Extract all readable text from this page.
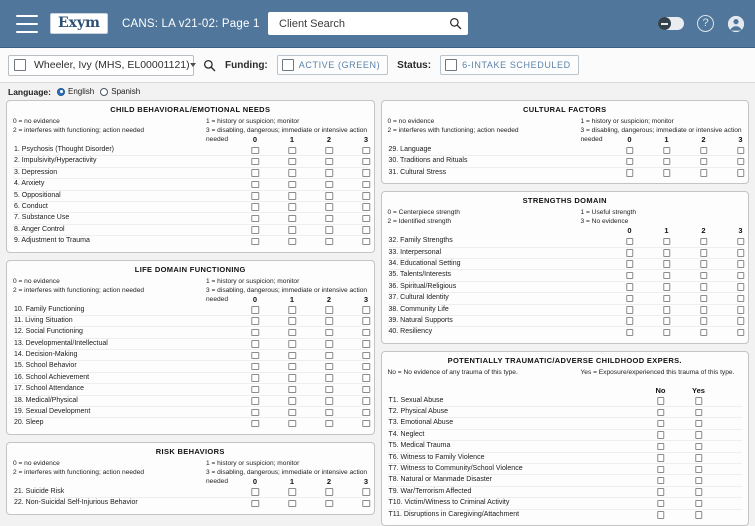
Exym CANS: LA v21-02: Page 1
Client Search	?
Wheeler, Ivy (MHS, EL00001121)	Funding:	ACTIVE (GREEN) Status:	6-INTAKE SCHEDULED
Language: English Spanish
CHILD BEHAVIORAL/EMOTIONAL NEEDS
0 = no evidence
2 = interferes with functioning; action needed
1 = history or suspicion; monitor
3 = disabling, dangerous; immediate or intensive action needed	0	1	2	3
1. Psychosis (Thought Disorder)
2. Impulsivity/Hyperactivity
3. Depression
4. Anxiety
5. Oppositional
6. Conduct
7. Substance Use
8. Anger Control
9. Adjustment to Trauma
LIFE DOMAIN FUNCTIONING
0 = no evidence
2 = interferes with functioning; action needed
1 = history or suspicion; monitor
3 = disabling, dangerous; immediate or intensive action needed	0	1	2	3
10. Family Functioning
11. Living Situation
12. Social Functioning
13. Developmental/Intellectual
14. Decision-Making
15. School Behavior
16. School Achievement
17. School Attendance
18. Medical/Physical
19. Sexual Development
20. Sleep
RISK BEHAVIORS
0 = no evidence
2 = interferes with functioning; action needed
1 = history or suspicion; monitor
3 = disabling, dangerous; immediate or intensive action needed	0	1	2	3
21. Suicide Risk
22. Non-Suicidal Self-Injurious Behavior
CULTURAL FACTORS
0 = no evidence
2 = interferes with functioning; action needed
1 = history or suspicion; monitor
3 = disabling, dangerous; immediate or intensive action needed	0	1	2	3
29. Language
30. Traditions and Rituals
31. Cultural Stress
STRENGTHS DOMAIN
0 = Centerpiece strength
2 = Identified strength
1 = Useful strength
3 = No evidence
0	1	2	3
32. Family Strengths
33. Interpersonal
34. Educational Setting
35. Talents/Interests
36. Spiritual/Religious
37. Cultural Identity
38. Community Life
39. Natural Supports
40. Resiliency
POTENTIALLY TRAUMATIC/ADVERSE CHILDHOOD EXPERS.
No = No evidence of any trauma of this type.	Yes = Exposure/experienced this trauma of this type.
No	Yes
T1. Sexual Abuse
T2. Physical Abuse
T3. Emotional Abuse
T4. Neglect
T5. Medical Trauma
T6. Witness to Family Violence
T7. Witness to Community/School Violence
T8. Natural or Manmade Disaster
T9. War/Terrorism Affected
T10. Victim/Witness to Criminal Activity
T11. Disruptions in Caregiving/Attachment
